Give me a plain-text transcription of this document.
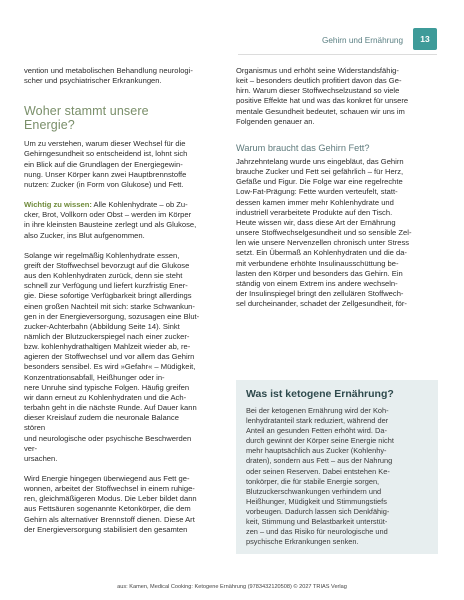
Gehirn und Ernährung	13

vention und metabolischen Behandlung neurologi-
scher und psychiatrischer Erkrankungen.

Woher stammt unsere Energie?

Um zu verstehen, warum dieser Wechsel für die
Gehirngesundheit so entscheidend ist, lohnt sich
ein Blick auf die Grundlagen der Energiegewin-
nung. Unser Körper kann zwei Hauptbrennstoffe
nutzen: Zucker (in Form von Glukose) und Fett.

Wichtig zu wissen: Alle Kohlenhydrate – ob Zu-
cker, Brot, Vollkorn oder Obst – werden im Körper
in ihre kleinsten Bausteine zerlegt und als Glukose,
also Zucker, ins Blut aufgenommen.

Solange wir regelmäßig Kohlenhydrate essen,
greift der Stoffwechsel bevorzugt auf die Glukose
aus den Kohlenhydraten zurück, denn sie steht
schnell zur Verfügung und liefert kurzfristig Ener-
gie. Diese sofortige Verfügbarkeit bringt allerdings
einen großen Nachteil mit sich: starke Schwankun-
gen in der Energieversorgung, sozusagen eine Blut-
zucker-Achterbahn (Abbildung Seite 14). Sinkt
nämlich der Blutzuckerspiegel nach einer zucker-
bzw. kohlenhydrathaltigen Mahlzeit wieder ab, re-
agieren der Stoffwechsel und vor allem das Gehirn
besonders sensibel. Es wird »Gefahr« – Müdigkeit,
Konzentrationsabfall, Heißhunger oder in-
nere Unruhe sind typische Folgen. Häufig greifen
wir dann erneut zu Kohlenhydraten und die Ach-
terbahn geht in die nächste Runde. Auf Dauer kann
dieser Kreislauf zudem die neuronale Balance stören
und neurologische oder psychische Beschwerden ver-
ursachen.

Wird Energie hingegen überwiegend aus Fett ge-
wonnen, arbeitet der Stoffwechsel in einem ruhige-
ren, gleichmäßigeren Modus. Die Leber bildet dann
aus Fettsäuren sogenannte Ketonkörper, die dem
Gehirn als alternativer Brennstoff dienen. Diese Art
der Energieversorgung stabilisiert den gesamten

Organismus und erhöht seine Widerstandsfähig-
keit – besonders deutlich profitiert davon das Ge-
hirn. Warum dieser Stoffwechselzustand so viele
positive Effekte hat und was das konkret für unsere
mentale Gesundheit bedeutet, schauen wir uns im
Folgenden genauer an.

Warum braucht das Gehirn Fett?

Jahrzehntelang wurde uns eingebläut, das Gehirn
brauche Zucker und Fett sei gefährlich – für Herz,
Gefäße und Figur. Die Folge war eine regelrechte
Low-Fat-Prägung: Fette wurden verteufelt, statt-
dessen kamen immer mehr Kohlenhydrate und
industriell verarbeitete Produkte auf den Tisch.
Heute wissen wir, dass diese Art der Ernährung
unsere Stoffwechselgesundheit und so sensible Zel-
len wie unsere Nervenzellen chronisch unter Stress
setzt. Ein Übermaß an Kohlenhydraten und die da-
mit verbundene erhöhte Insulinausschüttung be-
lasten den Körper und besonders das Gehirn. Ein
ständig von einem Extrem ins andere wechseln-
der Insulinspiegel bringt den zellulären Stoffwech-
sel durcheinander, schadet der Zellgesundheit, för-

Was ist ketogene Ernährung?

Bei der ketogenen Ernährung wird der Koh-
lenhydratanteil stark reduziert, während der
Anteil an gesunden Fetten erhöht wird. Da-
durch gewinnt der Körper seine Energie nicht
mehr hauptsächlich aus Zucker (Kohlenhy-
draten), sondern aus Fett – aus der Nahrung
oder seinen Reserven. Dabei entstehen Ke-
tonkörper, die für stabile Energie sorgen,
Blutzuckerschwankungen verhindern und
Heißhunger, Müdigkeit und Stimmungstiefs
vorbeugen. Dadurch lassen sich Denkfähig-
keit, Stimmung und Belastbarkeit unterstüt-
zen – und das Risiko für neurologische und
psychische Erkrankungen senken.

aus: Kamen, Medical Cooking: Ketogene Ernährung (9783432120508) © 2027 TRIAS Verlag
